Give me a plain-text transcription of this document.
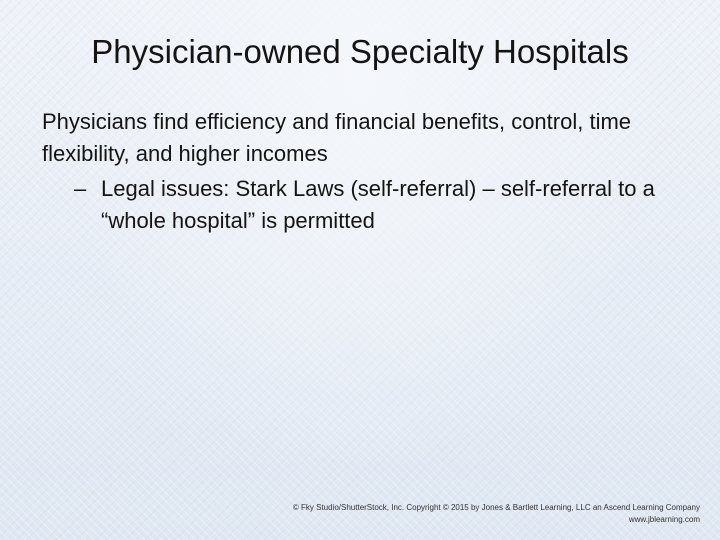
Physician-owned Specialty Hospitals

Physicians find efficiency and financial benefits, control, time flexibility, and higher incomes

– Legal issues: Stark Laws (self-referral) – self-referral to a “whole hospital” is permitted

© Fky Studio/ShutterStock, Inc. Copyright © 2015 by Jones & Bartlett Learning, LLC an Ascend Learning Company
www.jblearning.com
